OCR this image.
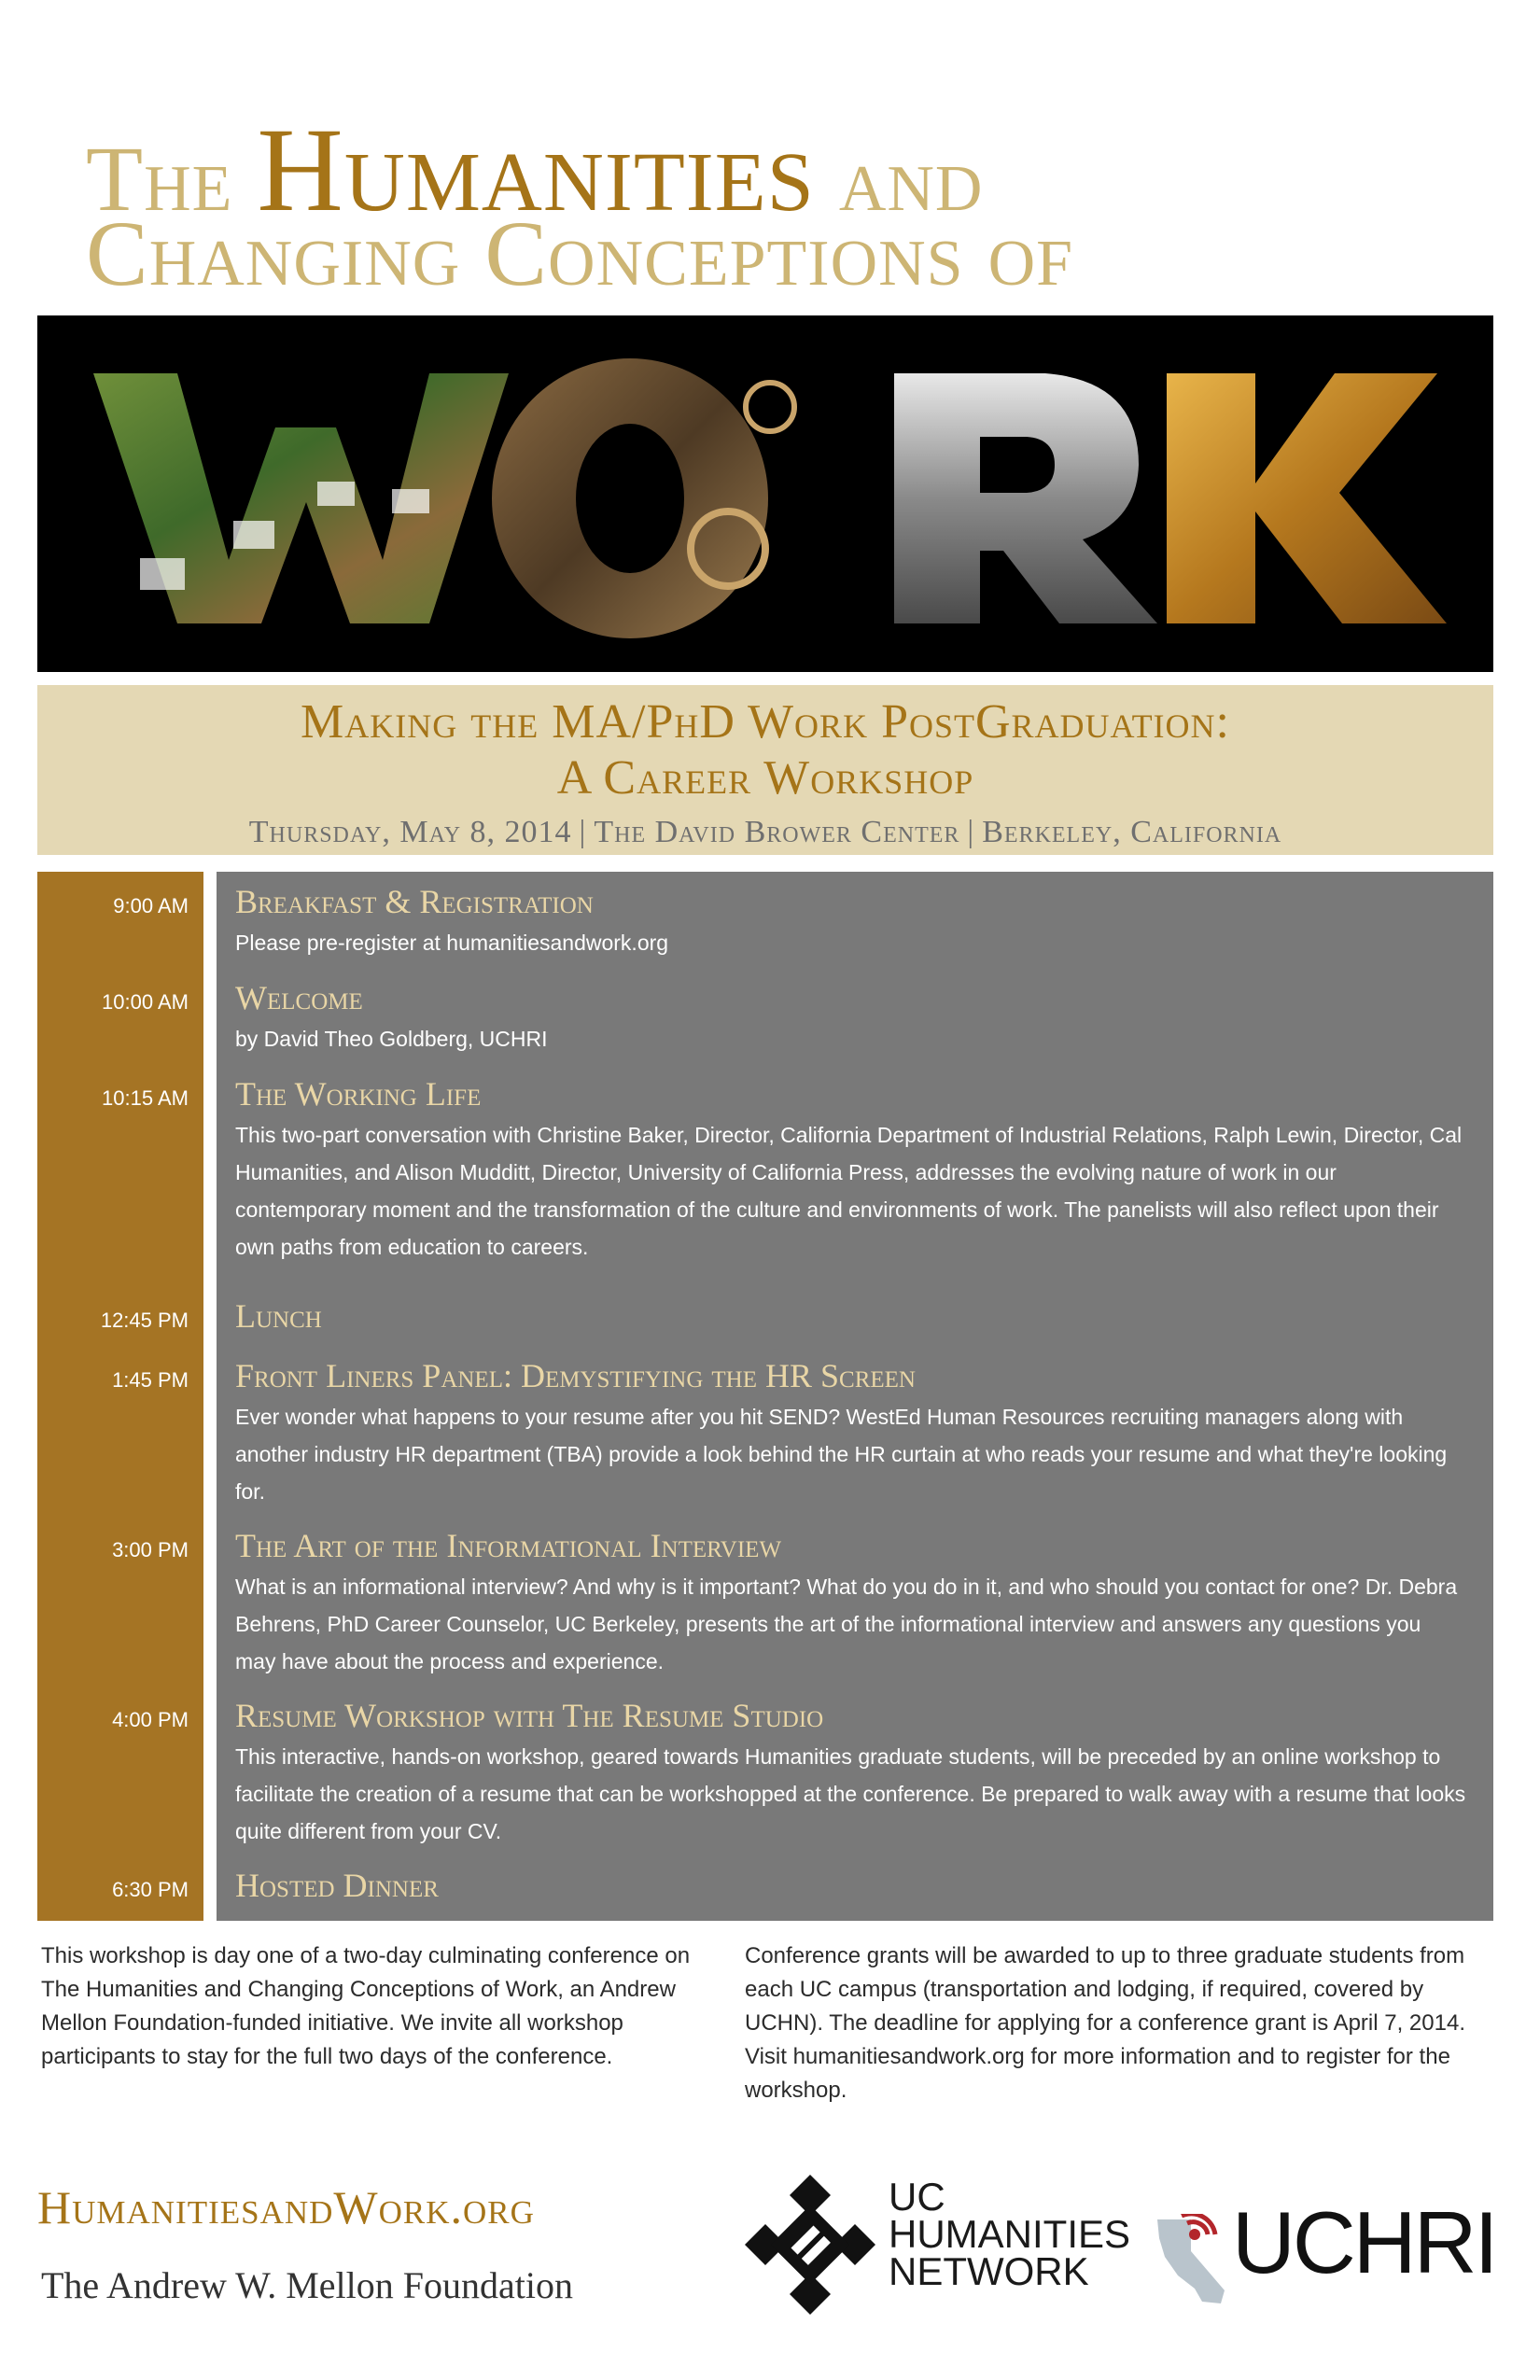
The Humanities and
Changing Conceptions of
Making the MA/PhD Work PostGraduation:
A Career Workshop
Thursday, May 8, 2014 | The David Brower Center | Berkeley, California
9:00 AM Breakfast & Registration
Please pre-register at humanitiesandwork.org
10:00 AM Welcome
by David Theo Goldberg, UCHRI
10:15 AM The Working Life
This two-part conversation with Christine Baker, Director, California Department of Industrial Relations, Ralph Lewin, Director, Cal Humanities, and Alison Mudditt, Director, University of California Press, addresses the evolving nature of work in our contemporary moment and the transformation of the culture and environments of work. The panelists will also reflect upon their own paths from education to careers.
12:45 PM Lunch
1:45 PM Front Liners Panel: Demystifying the HR Screen
Ever wonder what happens to your resume after you hit SEND? WestEd Human Resources recruiting managers along with another industry HR department (TBA) provide a look behind the HR curtain at who reads your resume and what they're looking for.
3:00 PM The Art of the Informational Interview
What is an informational interview? And why is it important? What do you do in it, and who should you contact for one? Dr. Debra Behrens, PhD Career Counselor, UC Berkeley, presents the art of the informational interview and answers any questions you may have about the process and experience.
4:00 PM Resume Workshop with The Resume Studio
This interactive, hands-on workshop, geared towards Humanities graduate students, will be preceded by an online workshop to facilitate the creation of a resume that can be workshopped at the conference. Be prepared to walk away with a resume that looks quite different from your CV.
6:30 PM Hosted Dinner
This workshop is day one of a two-day culminating conference on The Humanities and Changing Conceptions of Work, an Andrew Mellon Foundation-funded initiative. We invite all workshop participants to stay for the full two days of the conference.
Conference grants will be awarded to up to three graduate students from each UC campus (transportation and lodging, if required, covered by UCHN). The deadline for applying for a conference grant is April 7, 2014. Visit humanitiesandwork.org for more information and to register for the workshop.
HumanitiesandWork.org
The Andrew W. Mellon Foundation
UC
HUMANITIES
NETWORK	UCHRI
